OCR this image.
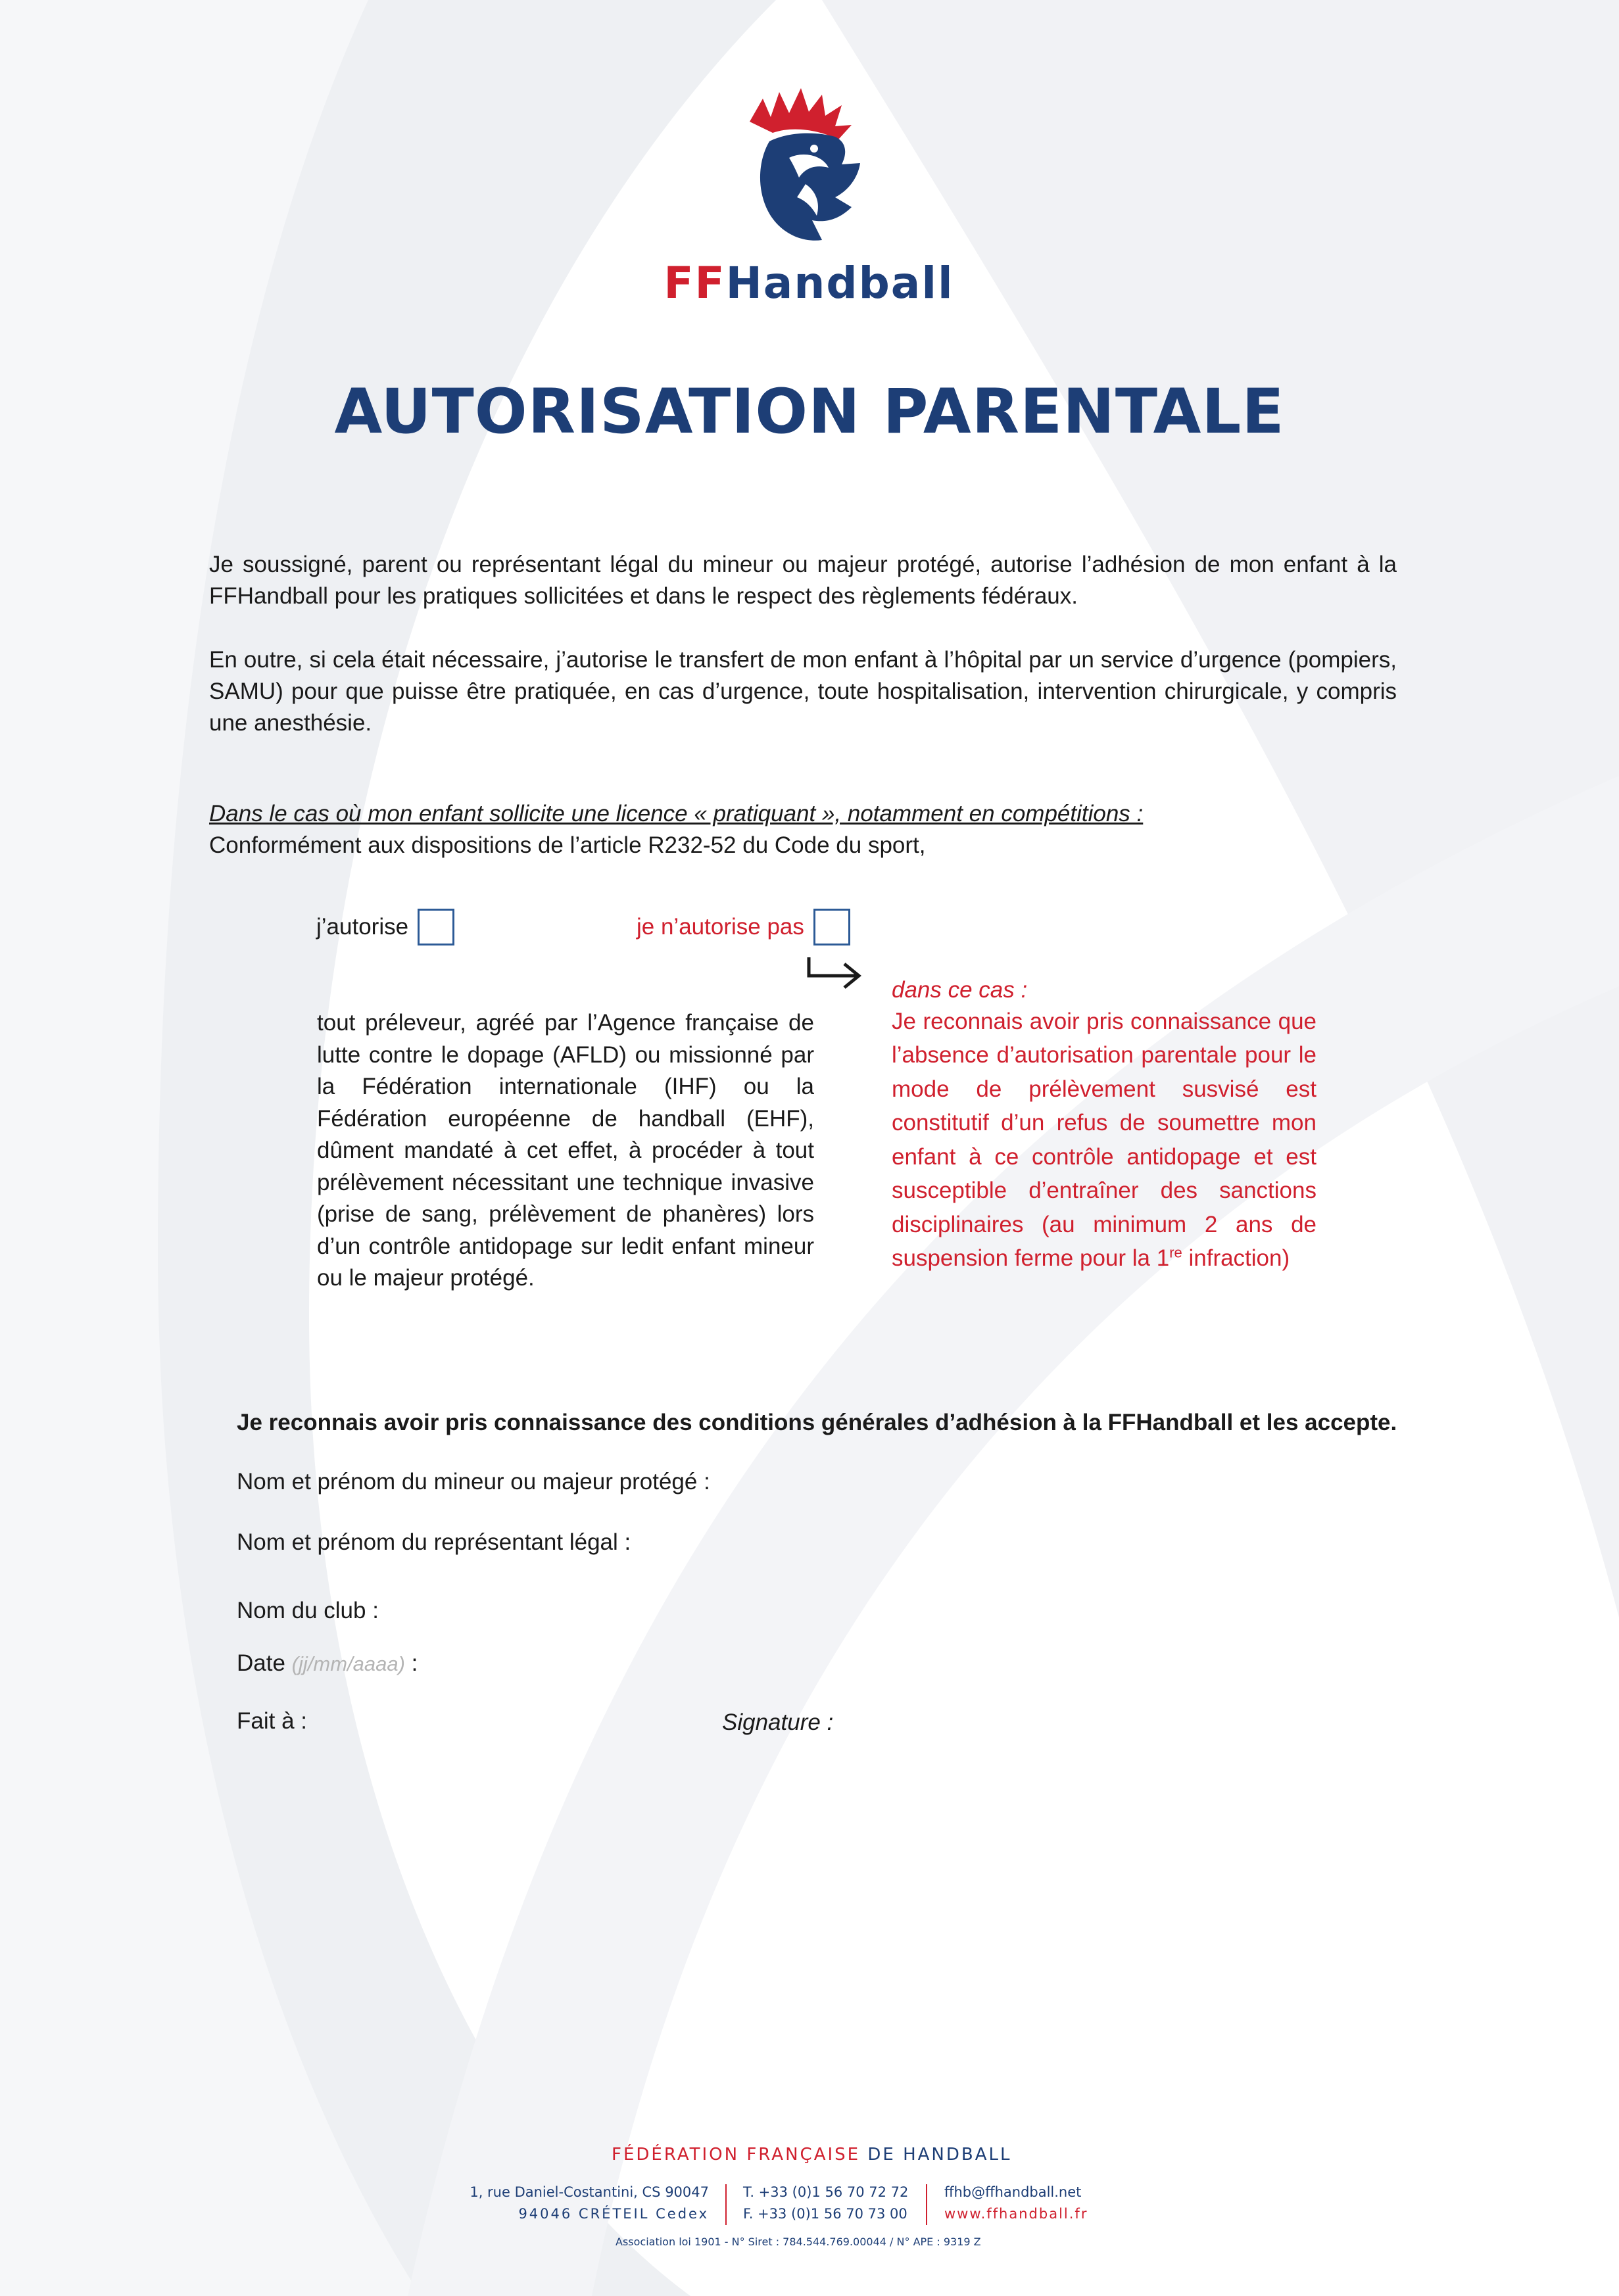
FFHandball
AUTORISATION PARENTALE
Je soussigné, parent ou représentant légal du mineur ou majeur protégé, autorise l’adhésion de mon enfant à la FFHandball pour les pratiques sollicitées et dans le respect des règlements fédéraux.
En outre, si cela était nécessaire, j’autorise le transfert de mon enfant à l’hôpital par un service d’urgence (pompiers, SAMU) pour que puisse être pratiquée, en cas d’urgence, toute hospitalisation, intervention chirurgicale, y compris une anesthésie.
Dans le cas où mon enfant sollicite une licence « pratiquant », notamment en compétitions :
Conformément aux dispositions de l’article R232-52 du Code du sport,
j’autorise	je n’autorise pas
tout préleveur, agréé par l’Agence française de lutte contre le dopage (AFLD) ou missionné par la Fédération internationale (IHF) ou la Fédération européenne de handball (EHF), dûment mandaté à cet effet, à procéder à tout prélèvement nécessitant une technique invasive (prise de sang, prélèvement de phanères) lors d’un contrôle antidopage sur ledit enfant mineur ou le majeur protégé.
dans ce cas :
Je reconnais avoir pris connaissance que l’absence d’autorisation parentale pour le mode de prélèvement susvisé est constitutif d’un refus de soumettre mon enfant à ce contrôle antidopage et est susceptible d’entraîner des sanctions disciplinaires (au minimum 2 ans de suspension ferme pour la 1re infraction)
Je reconnais avoir pris connaissance des conditions générales d’adhésion à la FFHandball et les accepte.
Nom et prénom du mineur ou majeur protégé :
Nom et prénom du représentant légal :
Nom du club :
Date (jj/mm/aaaa) :
Fait à :	Signature :
FÉDÉRATION FRANÇAISE DE HANDBALL
1, rue Daniel-Costantini, CS 90047
94046 CRÉTEIL Cedex
T. +33 (0)1 56 70 72 72
F. +33 (0)1 56 70 73 00
ffhb@ffhandball.net
www.ffhandball.fr
Association loi 1901 - N° Siret : 784.544.769.00044 / N° APE : 9319 Z
